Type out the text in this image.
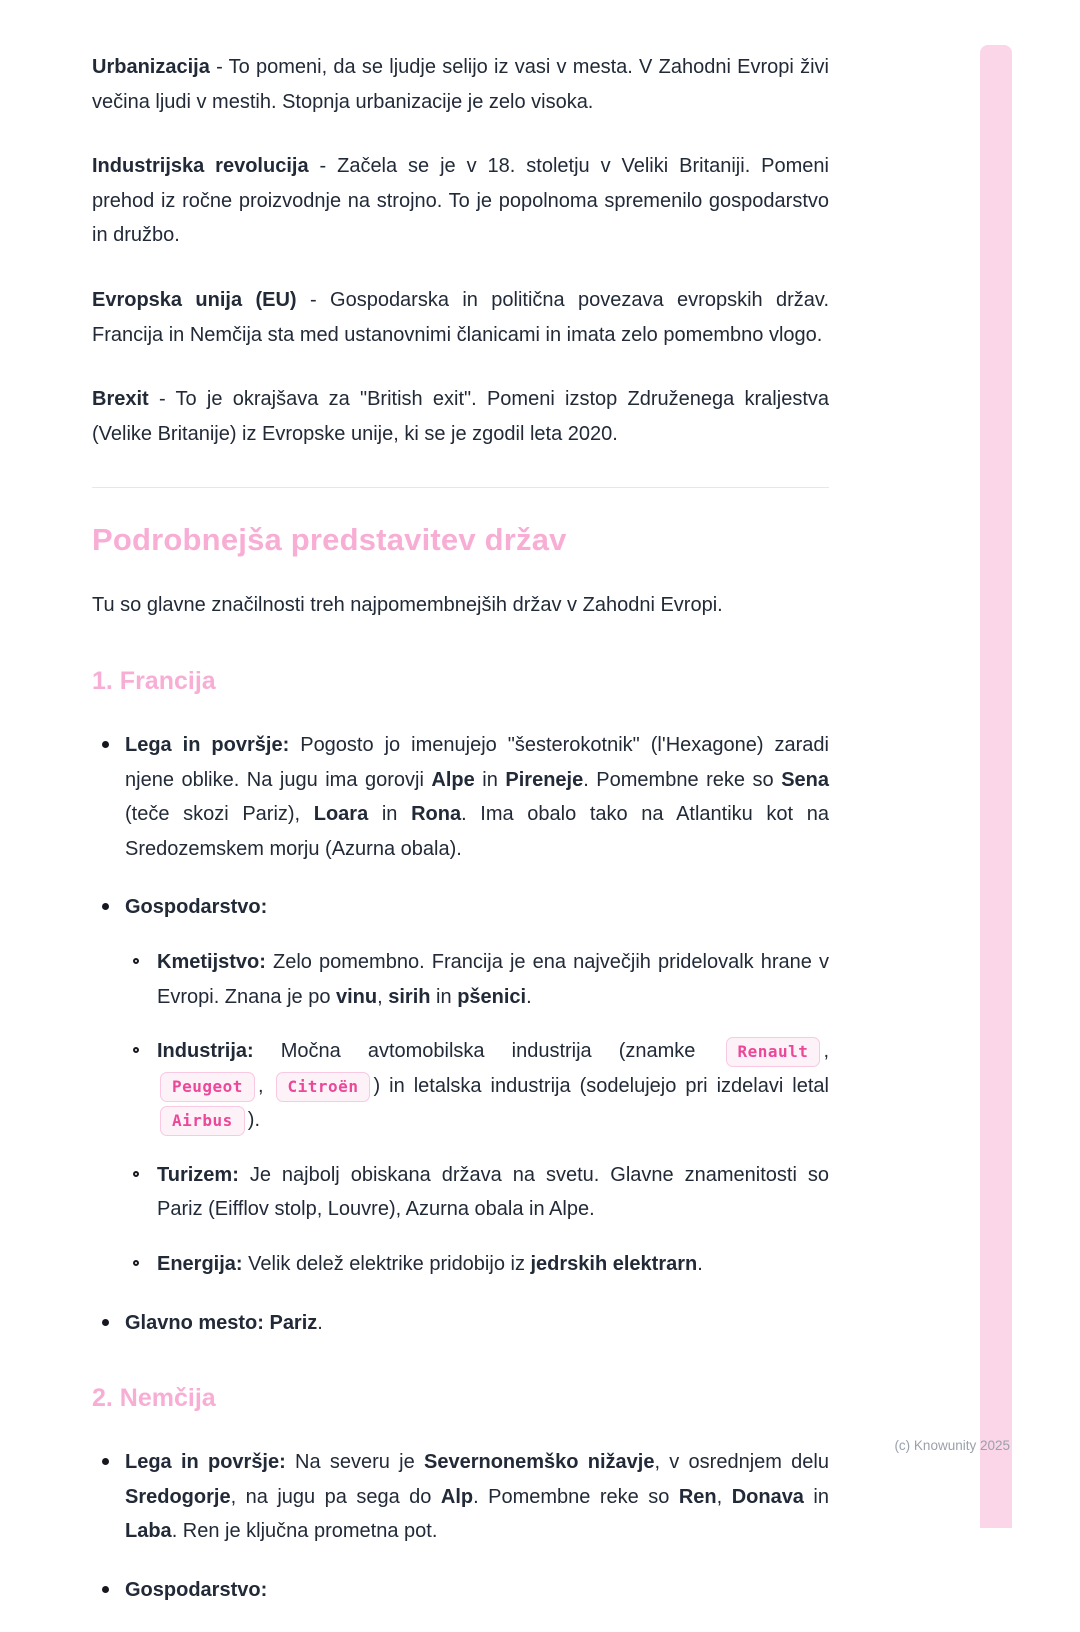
Urbanizacija - To pomeni, da se ljudje selijo iz vasi v mesta. V Zahodni Evropi živi večina ljudi v mestih. Stopnja urbanizacije je zelo visoka.

Industrijska revolucija - Začela se je v 18. stoletju v Veliki Britaniji. Pomeni prehod iz ročne proizvodnje na strojno. To je popolnoma spremenilo gospodarstvo in družbo.

Evropska unija (EU) - Gospodarska in politična povezava evropskih držav. Francija in Nemčija sta med ustanovnimi članicami in imata zelo pomembno vlogo.

Brexit - To je okrajšava za "British exit". Pomeni izstop Združenega kraljestva (Velike Britanije) iz Evropske unije, ki se je zgodil leta 2020.

Podrobnejša predstavitev držav

Tu so glavne značilnosti treh najpomembnejših držav v Zahodni Evropi.

1. Francija
Lega in površje: Pogosto jo imenujejo "šesterokotnik" (l'Hexagone) zaradi njene oblike. Na jugu ima gorovji Alpe in Pireneje. Pomembne reke so Sena (teče skozi Pariz), Loara in Rona. Ima obalo tako na Atlantiku kot na Sredozemskem morju (Azurna obala).
Gospodarstvo:
Kmetijstvo: Zelo pomembno. Francija je ena največjih pridelovalk hrane v Evropi. Znana je po vinu, sirih in pšenici.
Industrija: Močna avtomobilska industrija (znamke Renault , Peugeot , Citroën ) in letalska industrija (sodelujejo pri izdelavi letal Airbus ).
Turizem: Je najbolj obiskana država na svetu. Glavne znamenitosti so Pariz (Eifflov stolp, Louvre), Azurna obala in Alpe.
Energija: Velik delež elektrike pridobijo iz jedrskih elektrarn.
Glavno mesto: Pariz.
2. Nemčija
Lega in površje: Na severu je Severnonemško nižavje, v osrednjem delu Sredogorje, na jugu pa sega do Alp. Pomembne reke so Ren, Donava in Laba. Ren je ključna prometna pot.
Gospodarstvo:
(c) Knowunity 2025
